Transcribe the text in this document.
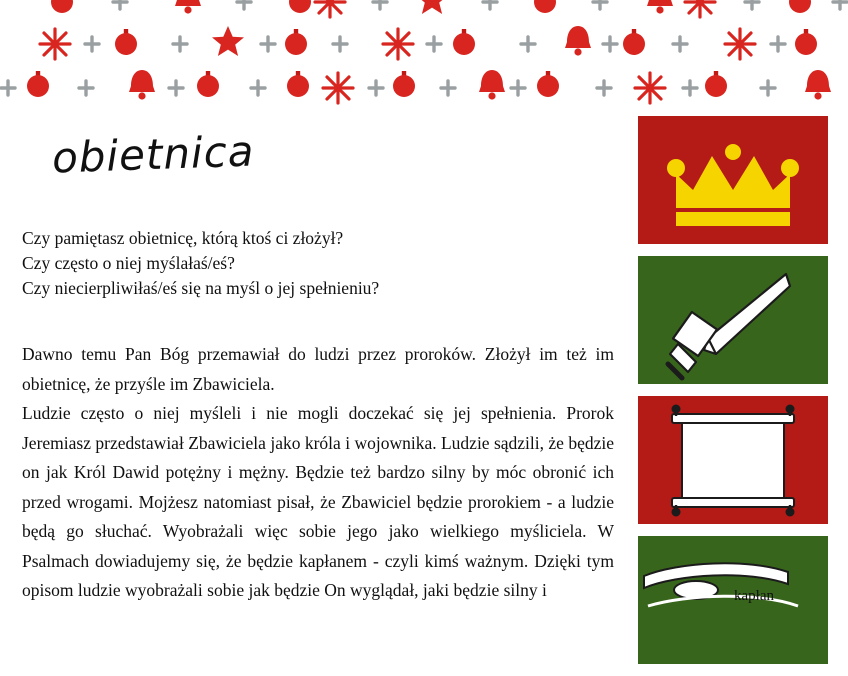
obietnica
Czy pamiętasz obietnicę, którą ktoś ci złożył?
Czy często o niej myślałaś/eś?
Czy niecierpliwiłaś/eś się na myśl o jej spełnieniu?

Dawno temu Pan Bóg przemawiał do ludzi przez proroków. Złożył im też im obietnicę, że przyśle im Zbawiciela.

Ludzie często o niej myśleli i nie mogli doczekać się jej spełnienia. Prorok Jeremiasz przedstawiał Zbawiciela jako króla i wojownika. Ludzie sądzili, że będzie on jak Król Dawid potężny i mężny. Będzie też bardzo silny by móc obronić ich przed wrogami. Mojżesz natomiast pisał, że Zbawiciel będzie prorokiem - a ludzie będą go słuchać. Wyobrażali więc sobie jego jako wielkiego myśliciela. W Psalmach dowiadujemy się, że będzie kapłanem - czyli kimś ważnym. Dzięki tym opisom ludzie wyobrażali sobie jak będzie On wyglądał, jaki będzie silny i	kapłan
